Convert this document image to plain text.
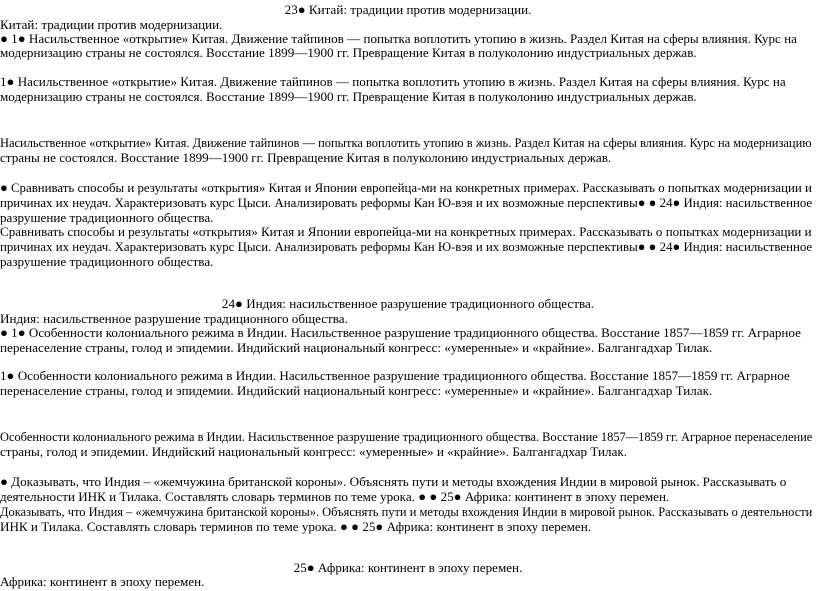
23● Китай: традиции против модернизации.
Китай: традиции против модернизации.
● 1● Насильственное «открытие» Китая. Движение тайпинов — попытка воплотить утопию в жизнь. Раздел Китая на сферы влияния. Курс на
модернизацию страны не состоялся. Восстание 1899—1900 гг. Превращение Китая в полуколонию индустриальных держав.
1● Насильственное «открытие» Китая. Движение тайпинов — попытка воплотить утопию в жизнь. Раздел Китая на сферы влияния. Курс на
модернизацию страны не состоялся. Восстание 1899—1900 гг. Превращение Китая в полуколонию индустриальных держав.
Насильственное «открытие» Китая. Движение тайпинов — попытка воплотить утопию в жизнь. Раздел Китая на сферы влияния. Курс на модернизацию
страны не состоялся. Восстание 1899—1900 гг. Превращение Китая в полуколонию индустриальных держав.
● Сравнивать способы и результаты «открытия» Китая и Японии европейца-ми на конкретных примерах. Рассказывать о попытках модернизации и
причинах их неудач. Характеризовать курс Цыси. Анализировать реформы Кан Ю-вэя и их возможные перспективы● ● 24● Индия: насильственное
разрушение традиционного общества.
Сравнивать способы и результаты «открытия» Китая и Японии европейца-ми на конкретных примерах. Рассказывать о попытках модернизации и
причинах их неудач. Характеризовать курс Цыси. Анализировать реформы Кан Ю-вэя и их возможные перспективы● ● 24● Индия: насильственное
разрушение традиционного общества.
24● Индия: насильственное разрушение традиционного общества.
Индия: насильственное разрушение традиционного общества.
● 1● Особенности колониального режима в Индии. Насильственное разрушение традиционного общества. Восстание 1857—1859 гг. Аграрное
перенаселение страны, голод и эпидемии. Индийский национальный конгресс: «умеренные» и «крайние». Балгангадхар Тилак.
1● Особенности колониального режима в Индии. Насильственное разрушение традиционного общества. Восстание 1857—1859 гг. Аграрное
перенаселение страны, голод и эпидемии. Индийский национальный конгресс: «умеренные» и «крайние». Балгангадхар Тилак.
Особенности колониального режима в Индии. Насильственное разрушение традиционного общества. Восстание 1857—1859 гг. Аграрное перенаселение
страны, голод и эпидемии. Индийский национальный конгресс: «умеренные» и «крайние». Балгангадхар Тилак.
● Доказывать, что Индия – «жемчужина британской короны». Объяснять пути и методы вхождения Индии в мировой рынок. Рассказывать о
деятельности ИНК и Тилака. Составлять словарь терминов по теме урока. ● ● 25● Африка: континент в эпоху перемен.
Доказывать, что Индия – «жемчужина британской короны». Объяснять пути и методы вхождения Индии в мировой рынок. Рассказывать о деятельности
ИНК и Тилака. Составлять словарь терминов по теме урока. ● ● 25● Африка: континент в эпоху перемен.
25● Африка: континент в эпоху перемен.
Африка: континент в эпоху перемен.
